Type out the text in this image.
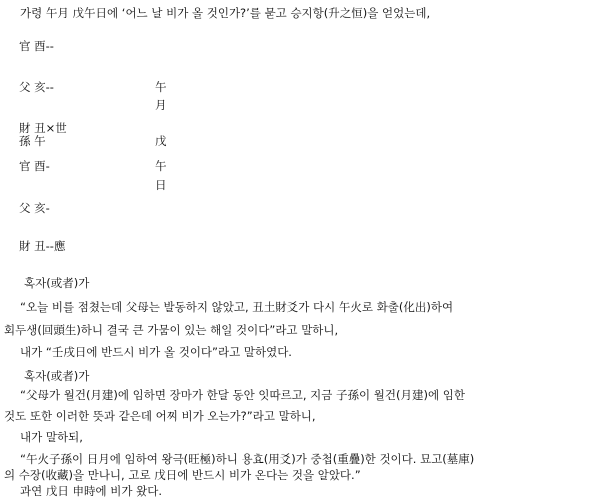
가령 午月 戊午日에 ‘어느 날 비가 올 것인가?’를 묻고 승지항(升之恒)을 얻었는데,
官 酉--
父 亥--
財 丑×世
孫 午
官 酉-
父 亥-
財 丑--應
午
月
戊
午
日
혹자(或者)가
“오늘 비를 점쳤는데 父母는 발동하지 않았고, 丑土財爻가 다시 午火로 화출(化出)하여
회두생(回頭生)하니 결국 큰 가뭄이 있는 해일 것이다”라고 말하니,
내가 “壬戌日에 반드시 비가 올 것이다”라고 말하였다.
혹자(或者)가
“父母가 월건(月建)에 임하면 장마가 한달 동안 잇따르고, 지금 子孫이 월건(月建)에 임한
것도 또한 이러한 뜻과 같은데 어찌 비가 오는가?”라고 말하니,
내가 말하되,
“午火子孫이 日月에 임하여 왕극(旺極)하니 용효(用爻)가 중첩(重疊)한 것이다. 묘고(墓庫)
의 수장(收藏)을 만나니, 고로 戊日에 반드시 비가 온다는 것을 알았다.”
과연 戊日 申時에 비가 왔다.
